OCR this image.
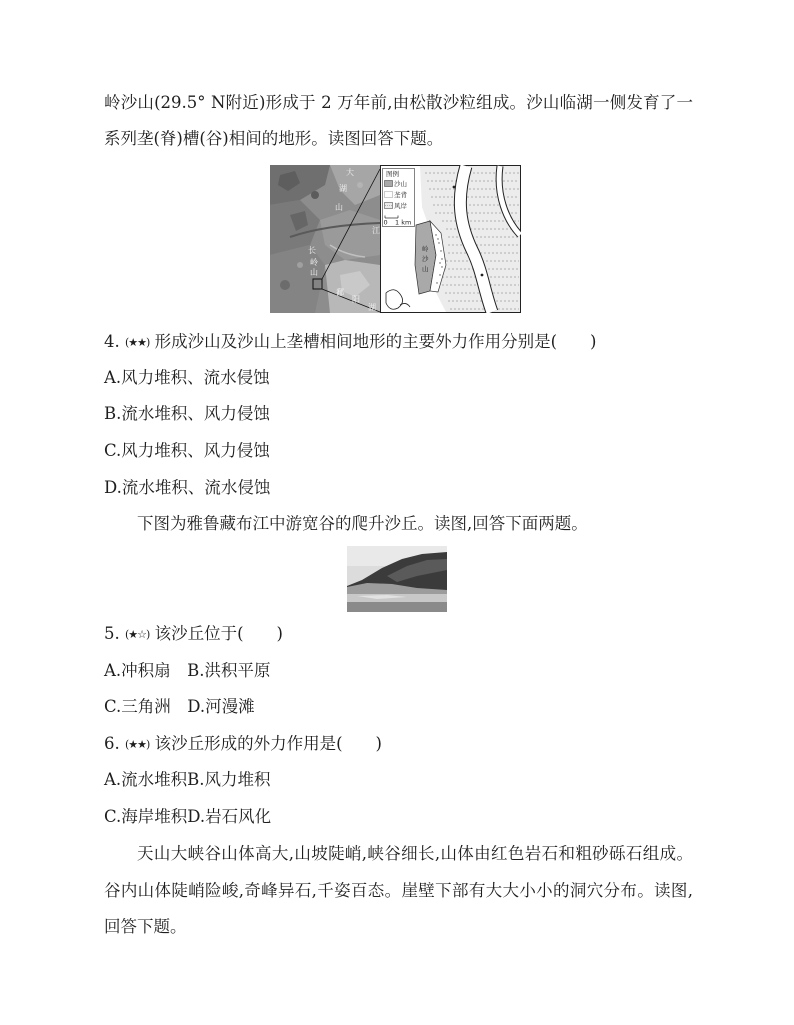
岭沙山(29.5° N附近)形成于 2 万年前,由松散沙粒组成。沙山临湖一侧发育了一
系列垄(脊)槽(谷)相间的地形。读图回答下题。
大
湖
山
江
长
岭
山
鄱
阳
湖
岭
沙
山
图例
沙山
垄背
风岸
0 1 km
4. (★★) 形成沙山及沙山上垄槽相间地形的主要外力作用分别是(　　)
A.风力堆积、流水侵蚀
B.流水堆积、风力侵蚀
C.风力堆积、风力侵蚀
D.流水堆积、流水侵蚀
下图为雅鲁藏布江中游宽谷的爬升沙丘。读图,回答下面两题。
5. (★☆) 该沙丘位于(　　)
A.冲积扇　B.洪积平原
C.三角洲　D.河漫滩
6. (★★) 该沙丘形成的外力作用是(　　)
A.流水堆积B.风力堆积
C.海岸堆积D.岩石风化
天山大峡谷山体高大,山坡陡峭,峡谷细长,山体由红色岩石和粗砂砾石组成。
谷内山体陡峭险峻,奇峰异石,千姿百态。崖壁下部有大大小小的洞穴分布。读图,
回答下题。
